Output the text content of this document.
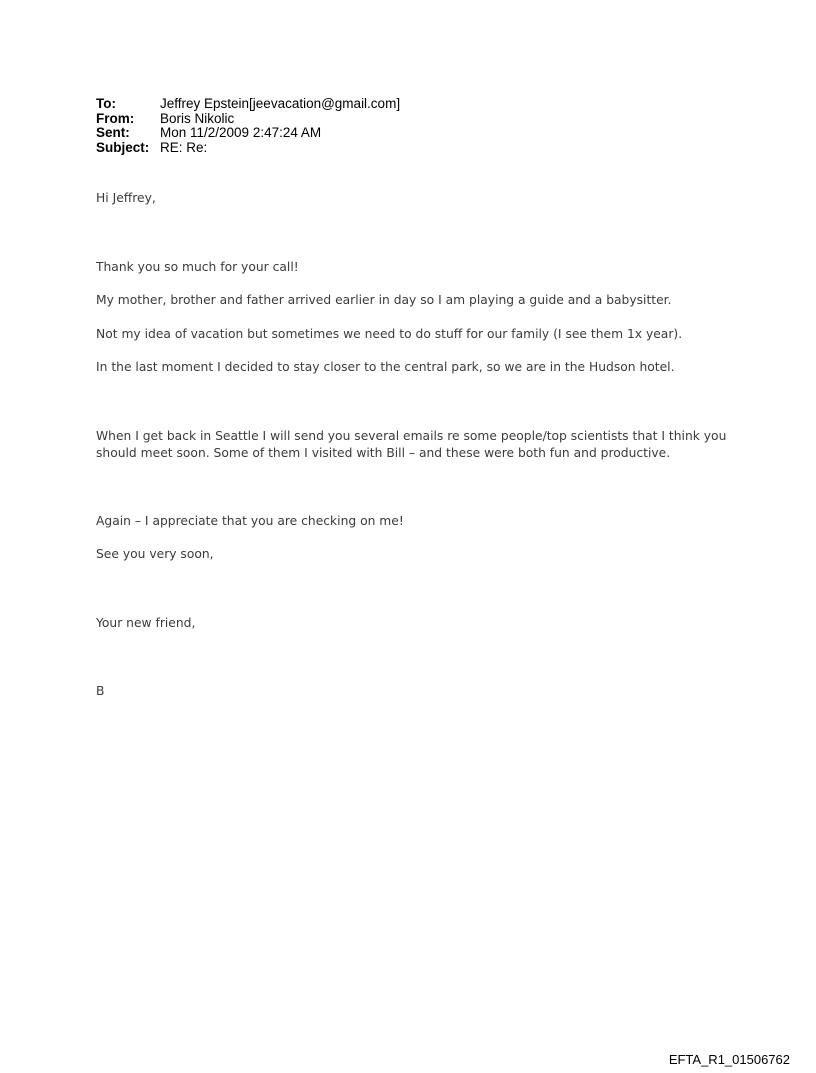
To:	Jeffrey Epstein[jeevacation@gmail.com]
From:	Boris Nikolic
Sent:	Mon 11/2/2009 2:47:24 AM
Subject: RE: Re:

Hi Jeffrey,

Thank you so much for your call!

My mother, brother and father arrived earlier in day so I am playing a guide and a babysitter.

Not my idea of vacation but sometimes we need to do stuff for our family (I see them 1x year).

In the last moment I decided to stay closer to the central park, so we are in the Hudson hotel.

When I get back in Seattle I will send you several emails re some people/top scientists that I think you should meet soon. Some of them I visited with Bill – and these were both fun and productive.

Again – I appreciate that you are checking on me!

See you very soon,

Your new friend,

B

EFTA_R1_01506762
